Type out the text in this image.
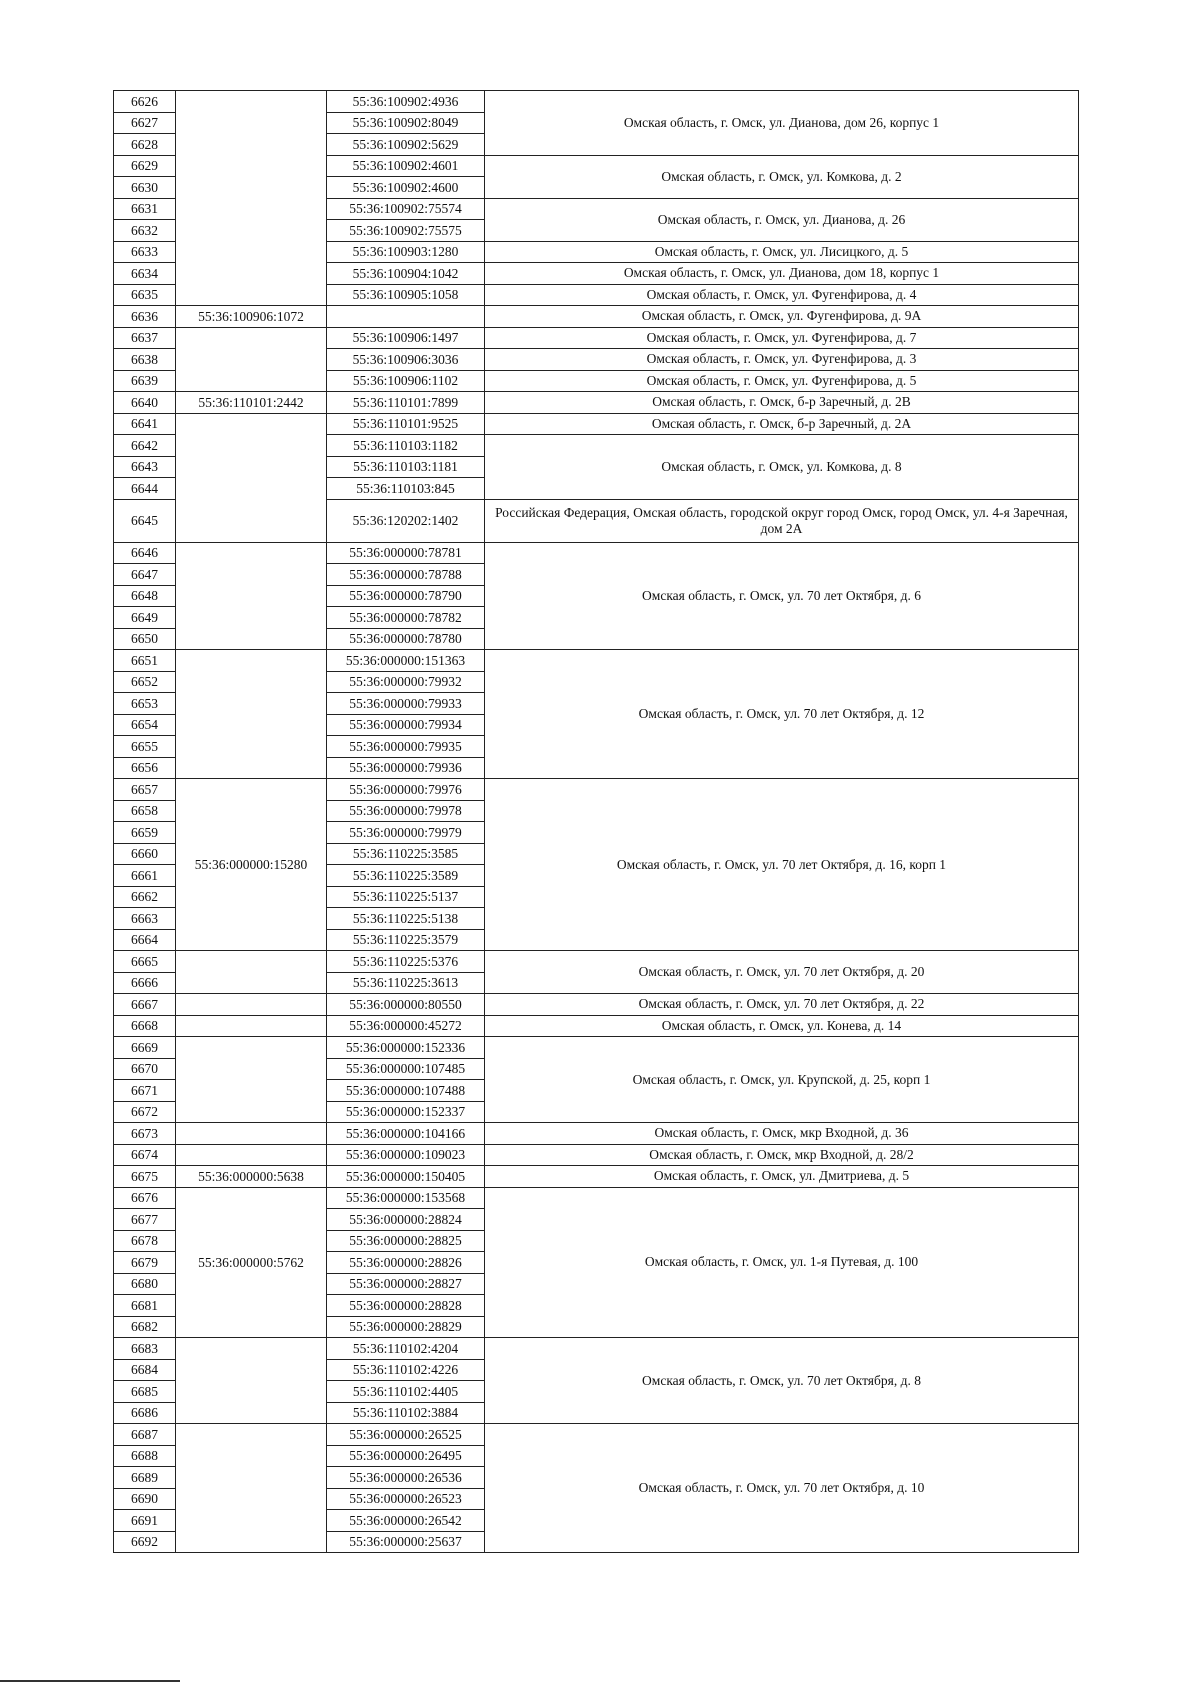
6626		55:36:100902:4936	Омская область, г. Омск, ул. Дианова, дом 26, корпус 1
6627		55:36:100902:8049	
6628		55:36:100902:5629	
6629		55:36:100902:4601	Омская область, г. Омск, ул. Комкова, д. 2
6630		55:36:100902:4600	
6631		55:36:100902:75574	Омская область, г. Омск, ул. Дианова, д. 26
6632		55:36:100902:75575	
6633		55:36:100903:1280	Омская область, г. Омск, ул. Лисицкого, д. 5
6634		55:36:100904:1042	Омская область, г. Омск, ул. Дианова, дом 18, корпус 1
6635		55:36:100905:1058	Омская область, г. Омск, ул. Фугенфирова, д. 4
6636	55:36:100906:1072		Омская область, г. Омск, ул. Фугенфирова, д. 9А
6637		55:36:100906:1497	Омская область, г. Омск, ул. Фугенфирова, д. 7
6638		55:36:100906:3036	Омская область, г. Омск, ул. Фугенфирова, д. 3
6639		55:36:100906:1102	Омская область, г. Омск, ул. Фугенфирова, д. 5
6640	55:36:110101:2442	55:36:110101:7899	Омская область, г. Омск, б-р Заречный, д. 2В
6641		55:36:110101:9525	Омская область, г. Омск, б-р Заречный, д. 2А
6642		55:36:110103:1182	Омская область, г. Омск, ул. Комкова, д. 8
6643		55:36:110103:1181	
6644		55:36:110103:845	
6645		55:36:120202:1402	Российская Федерация, Омская область, городской округ город Омск, город Омск, ул. 4-я Заречная, дом 2А
6646		55:36:000000:78781	Омская область, г. Омск, ул. 70 лет Октября, д. 6
6647		55:36:000000:78788	
6648		55:36:000000:78790	
6649		55:36:000000:78782	
6650		55:36:000000:78780	
6651		55:36:000000:151363	Омская область, г. Омск, ул. 70 лет Октября, д. 12
6652		55:36:000000:79932	
6653		55:36:000000:79933	
6654		55:36:000000:79934	
6655		55:36:000000:79935	
6656		55:36:000000:79936	
6657	55:36:000000:15280	55:36:000000:79976	Омская область, г. Омск, ул. 70 лет Октября, д. 16, корп 1
6658		55:36:000000:79978	
6659		55:36:000000:79979	
6660		55:36:110225:3585	
6661		55:36:110225:3589	
6662		55:36:110225:5137	
6663		55:36:110225:5138	
6664		55:36:110225:3579	
6665		55:36:110225:5376	Омская область, г. Омск, ул. 70 лет Октября, д. 20
6666		55:36:110225:3613	
6667		55:36:000000:80550	Омская область, г. Омск, ул. 70 лет Октября, д. 22
6668		55:36:000000:45272	Омская область, г. Омск, ул. Конева, д. 14
6669		55:36:000000:152336	Омская область, г. Омск, ул. Крупской, д. 25, корп 1
6670		55:36:000000:107485	
6671		55:36:000000:107488	
6672		55:36:000000:152337	
6673		55:36:000000:104166	Омская область, г. Омск, мкр Входной, д. 36
6674		55:36:000000:109023	Омская область, г. Омск, мкр Входной, д. 28/2
6675	55:36:000000:5638	55:36:000000:150405	Омская область, г. Омск, ул. Дмитриева, д. 5
6676	55:36:000000:5762	55:36:000000:153568	Омская область, г. Омск, ул. 1-я Путевая, д. 100
6677		55:36:000000:28824	
6678		55:36:000000:28825	
6679		55:36:000000:28826	
6680		55:36:000000:28827	
6681		55:36:000000:28828	
6682		55:36:000000:28829	
6683		55:36:110102:4204	Омская область, г. Омск, ул. 70 лет Октября, д. 8
6684		55:36:110102:4226	
6685		55:36:110102:4405	
6686		55:36:110102:3884	
6687		55:36:000000:26525	Омская область, г. Омск, ул. 70 лет Октября, д. 10
6688		55:36:000000:26495	
6689		55:36:000000:26536	
6690		55:36:000000:26523	
6691		55:36:000000:26542	
6692		55:36:000000:25637	
